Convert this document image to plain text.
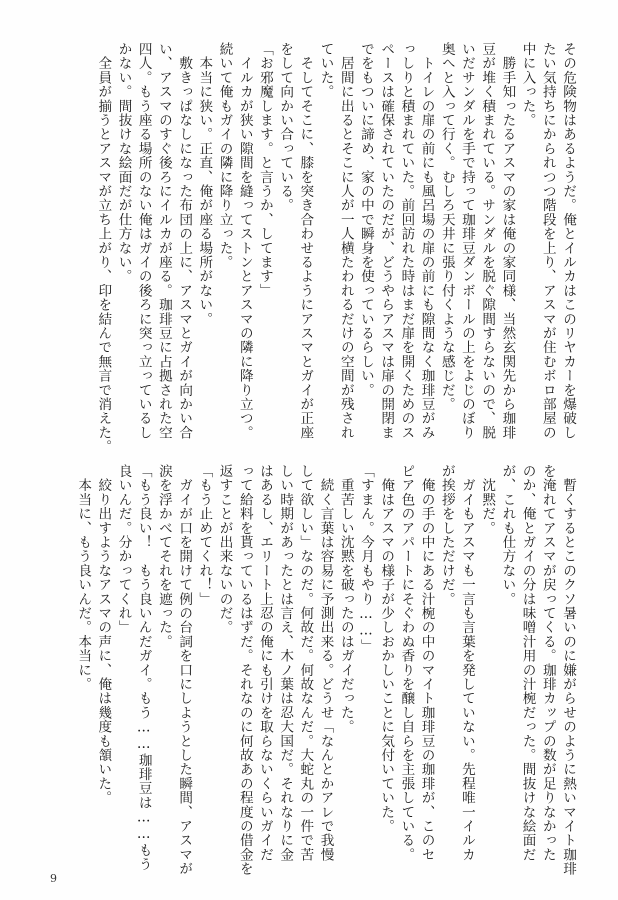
その危険物はあるようだ。俺とイルカはこのリヤカーを爆破し
たい気持ちにかられつつ階段を上り、アスマが住むボロ部屋の
中に入った。
　勝手知ったるアスマの家は俺の家同様、当然玄関先から珈琲
豆が堆く積まれている。サンダルを脱ぐ隙間すらないので、脱
いだサンダルを手で持って珈琲豆ダンボールの上をよじのぼり
奥へと入って行く。むしろ天井に張り付くような感じだ。
　トイレの扉の前にも風呂場の扉の前にも隙間なく珈琲豆がみ
っしりと積まれていた。前回訪れた時はまだ扉を開くためのス
ペースは確保されていたのだが、どうやらアスマは扉の開閉ま
でをもついに諦め、家の中で瞬身を使っているらしい。
　居間に出るとそこに人が一人横たわれるだけの空間が残され
ていた。
　そしてそこに、膝を突き合わせるようにアスマとガイが正座
をして向かい合っている。
「お邪魔します。と言うか、してます」
　イルカが狭い隙間を縫ってストンとアスマの隣に降り立つ。
続いて俺もガイの隣に降り立った。
　本当に狭い。正直、俺が座る場所がない。
　敷きっぱなしになった布団の上に、アスマとガイが向かい合
い、アスマのすぐ後ろにイルカが座る。珈琲豆に占拠された空
四人。もう座る場所のない俺はガイの後ろに突っ立っているし
かない。間抜けな絵面だが仕方ない。
　全員が揃うとアスマが立ち上がり、印を結んで無言で消えた。
　暫くするとこのクソ暑いのに嫌がらせのように熱いマイト珈琲
を淹れてアスマが戻ってくる。珈琲カップの数が足りなかった
のか、俺とガイの分は味噌汁用の汁椀だった。間抜けな絵面だ
が、これも仕方ない。
　沈黙だ。
　ガイもアスマも一言も言葉を発していない。先程唯一イルカ
が挨拶をしただけだ。
　俺の手の中にある汁椀の中のマイト珈琲豆の珈琲が、このセ
ピア色のアパートにそぐわぬ香りを醸し自らを主張している。
　俺はアスマの様子が少しおかしいことに気付いていた。
「すまん。今月もやり……」
　重苦しい沈黙を破ったのはガイだった。
　続く言葉は容易に予測出来る。どうせ「なんとかアレで我慢
して欲しい」なのだ。何故だ。何故なんだ。大蛇丸の一件で苦
しい時期があったとは言え、木ノ葉は忍大国だ。それなりに金
はあるし、エリート上忍の俺にも引けを取らないくらいガイだ
って給料を貰っているはずだ。それなのに何故あの程度の借金を
返すことが出来ないのだ。
「もう止めてくれ！」
　ガイが口を開けて例の台詞を口にしようとした瞬間、アスマが
涙を浮かべてそれを遮った。
「もう良い！　もう良いんだガイ。もう……珈琲豆は……もう
良いんだ。分かってくれ」
　絞り出すようなアスマの声に、俺は幾度も頷いた。
　本当に、もう良いんだ。本当に。
9
